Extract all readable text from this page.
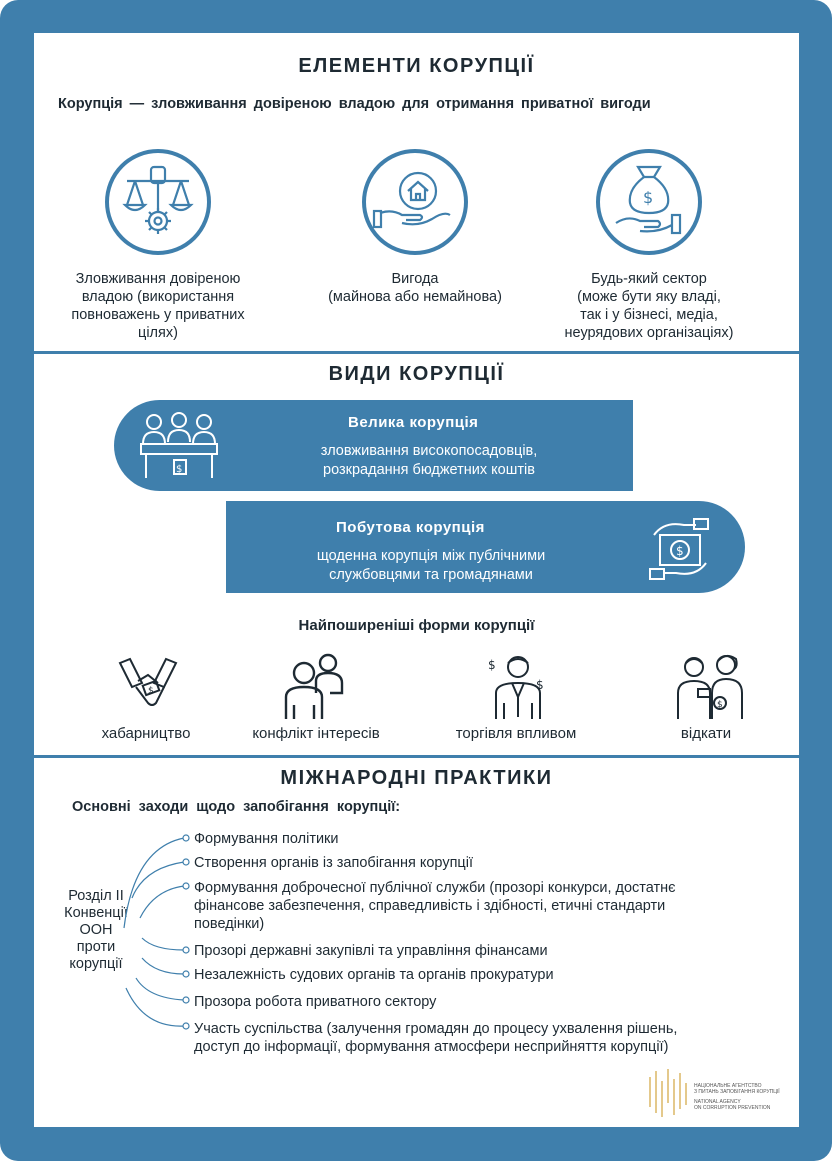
ЕЛЕМЕНТИ КОРУПЦІЇ
Корупція — зловживання довіреною владою для отримання приватної вигоди
$
Зловживання довіреною
владою (використання
повноважень у приватних
цілях)
Вигода
(майнова або немайнова)
Будь-який сектор
(може бути яку владі,
так і у бізнесі, медіа,
неурядових організаціях)
ВИДИ КОРУПЦІЇ
$
Велика корупція
зловживання високопосадовців,
розкрадання бюджетних коштів
Побутова корупція
щоденна корупція між публічними
службовцями та громадянами
$
Найпоширеніші форми корупції
$
хабарництво	конфлікт інтересів
$
$
торгівля впливом
$
відкати
МІЖНАРОДНІ ПРАКТИКИ
Основні заходи щодо запобігання корупції:
Розділ ІІ
Конвенції
ООН
проти
корупції
Формування політики
Створення органів із запобігання корупції
Формування доброчесної публічної служби (прозорі конкурси, достатнє
фінансове забезпечення, справедливість і здібності, етичні стандарти
поведінки)
Прозорі державні закупівлі та управління фінансами
Незалежність судових органів та органів прокуратури
Прозора робота приватного сектору
Участь суспільства (залучення громадян до процесу ухвалення рішень,
доступ до інформації, формування атмосфери несприйняття корупції)
НАЦІОНАЛЬНЕ АГЕНТСТВО
З ПИТАНЬ ЗАПОБІГАННЯ КОРУПЦІЇ
NATIONAL AGENCY
ON CORRUPTION PREVENTION
